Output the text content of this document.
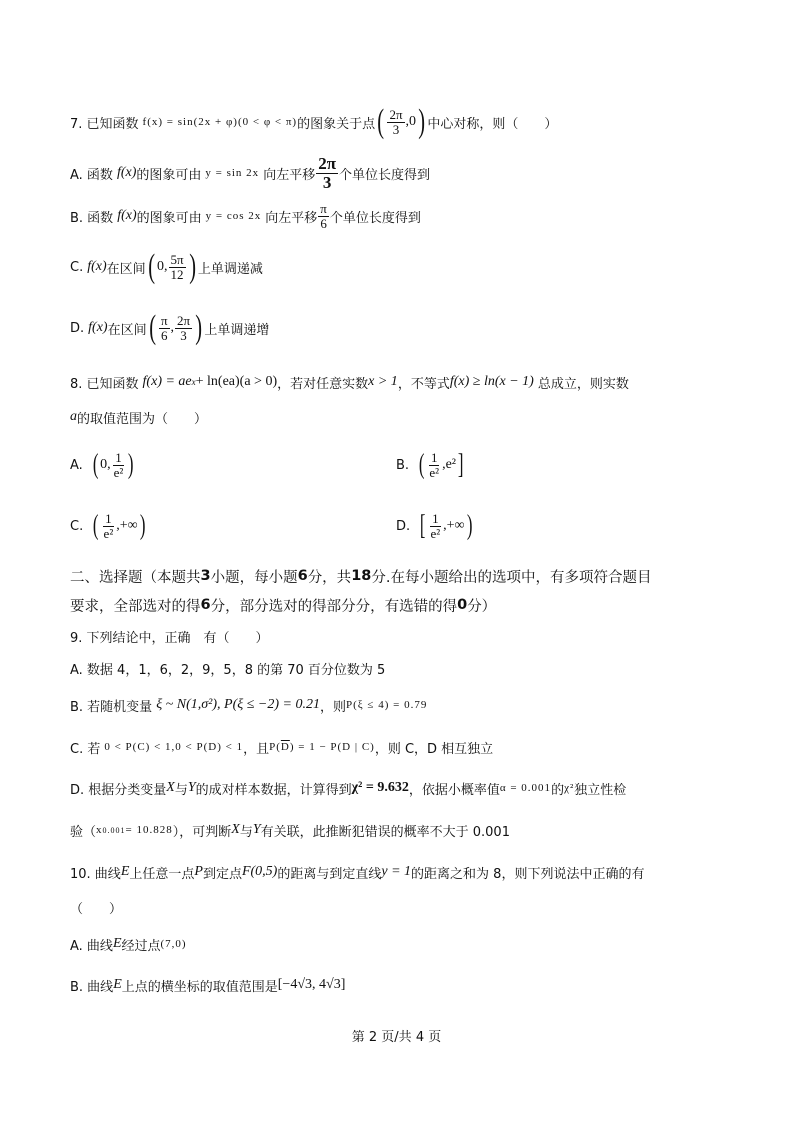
7. 已知函数 f(x) = sin(2x + φ)(0 < φ < π) 的图象关于点 ( $\frac{2\pi}{3} ,0$ ) 中心对称，则（　　）
A. 函数 f(x) 的图象可由 y = sin 2x 向左平移 $\frac{2\pi}{3}$ 个单位长度得到
B. 函数 f(x) 的图象可由 y = cos 2x 向左平移 $\frac{\pi}{6}$ 个单位长度得到
C. f(x) 在区间 ( 0, $\frac{5\pi}{12}$ ) 上单调递减
D. f(x) 在区间 ( $\frac{\pi}{6}$ , $\frac{2\pi}{3}$ ) 上单调递增
8. 已知函数 f(x) = ae x + ln(ea)(a > 0) ，若对任意实数 x > 1 ，不等式 f(x) ≥ ln(x − 1) 总成立，则实数
a 的取值范围为（　　）
A. ( 0, $\frac{1}{\text{e²}}$ )	B. ( $\frac{1}{\text{e²}} ,e^2$ ]
C. ( $\frac{1}{\text{e²}}$ ,+∞ )	D. [ $\frac{1}{\text{e²}}$ ,+∞ )
二、选择题（本题共 3 小题，每小题 6 分，共 18 分.在每小题给出的选项中，有多项符合题目
要求，全部选对的得 6 分，部分选对的得部分分，有选错的得 0 分）
9. 下列结论中，正确　有（　　）
A. 数据 4，1，6，2，9，5，8 的第 70 百分位数为 5
B. 若随机变量 ξ ~ N(1,σ²), P(ξ ≤ −2) = 0.21 ，则 P(ξ ≤ 4) = 0.79
C. 若 0 < P(C) < 1,0 < P(D) < 1 ，且 P( $\overline{D}$ ) = 1 − P(D | C) ，则 C，D 相互独立
D. 根据分类变量 X 与 Y 的成对样本数据，计算得到 χ² = 9.632 ，依据小概率值 α = 0.001 的 χ² 独立性检
验（ x 0.001 = 10.828 ），可判断 X 与 Y 有关联，此推断犯错误的概率不大于 0.001
10. 曲线 E 上任意一点 P 到定点 F(0,5) 的距离与到定直线 y = 1 的距离之和为 8，则下列说法中正确的有
（　　）
A. 曲线 E 经过点 (7,0)
B. 曲线 E 上点的横坐标的取值范围是 [−4√3, 4√3]
第 2 页/共 4 页
